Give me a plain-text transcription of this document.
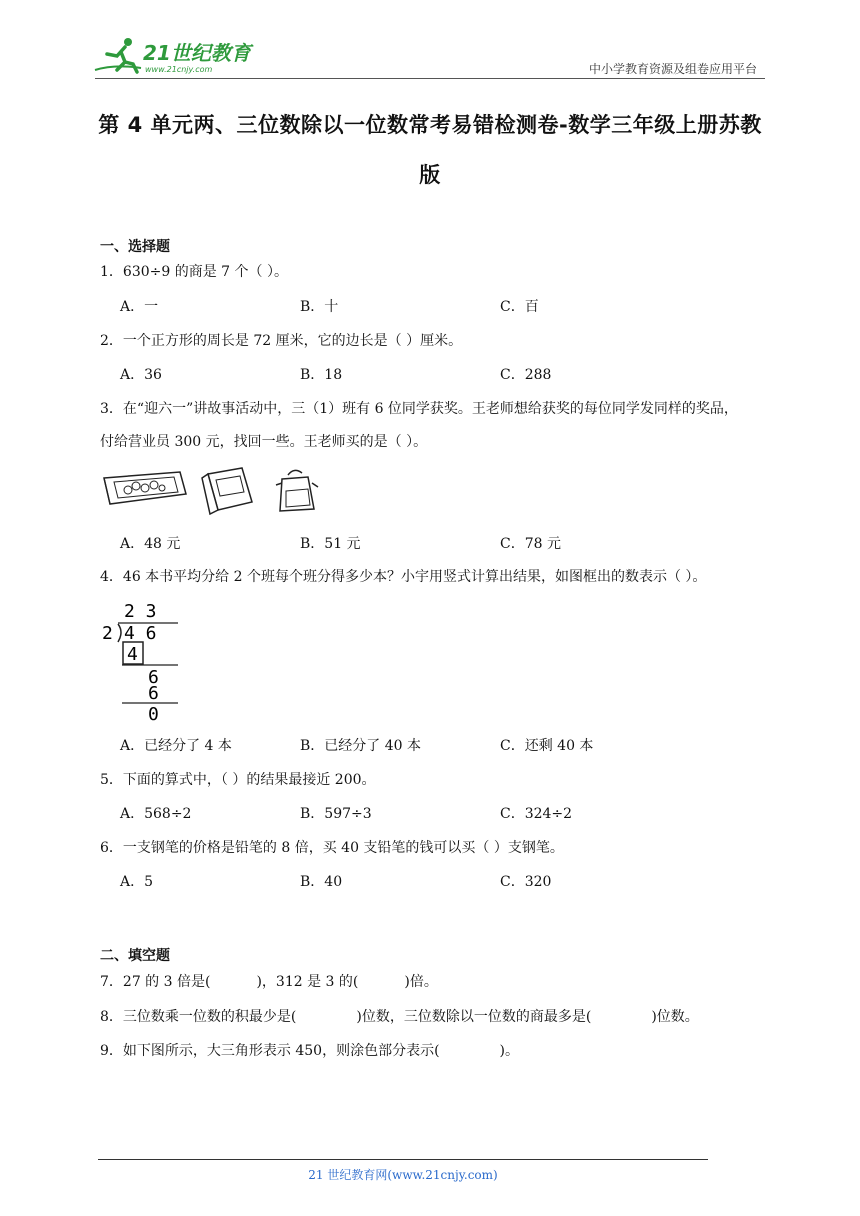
21世纪教育
www.21cnjy.com	中小学教育资源及组卷应用平台
第 4 单元两、三位数除以一位数常考易错检测卷-数学三年级上册苏教
版
一、选择题
1．630÷9 的商是 7 个（ ）。
A．一	B．十	C．百
2．一个正方形的周长是 72 厘米，它的边长是（ ）厘米。
A．36	B．18	C．288
3．在“迎六一”讲故事活动中，三（1）班有 6 位同学获奖。王老师想给获奖的每位同学发同样的奖品，
付给营业员 300 元，找回一些。王老师买的是（ ）。
A．48 元	B．51 元	C．78 元
4．46 本书平均分给 2 个班每个班分得多少本？小宇用竖式计算出结果，如图框出的数表示（ ）。
2 3
2 4 6
4
6
6
0
A．已经分了 4 本	B．已经分了 40 本	C．还剩 40 本
5．下面的算式中，（ ）的结果最接近 200。
A．568÷2	B．597÷3	C．324÷2
6．一支钢笔的价格是铅笔的 8 倍，买 40 支铅笔的钱可以买（ ）支钢笔。
A．5	B．40	C．320
二、填空题
7．27 的 3 倍是(	)，312 是 3 的(	)倍。
8．三位数乘一位数的积最少是(	)位数，三位数除以一位数的商最多是(	)位数。
9．如下图所示，大三角形表示 450，则涂色部分表示(	)。
21 世纪教育网(www.21cnjy.com)
